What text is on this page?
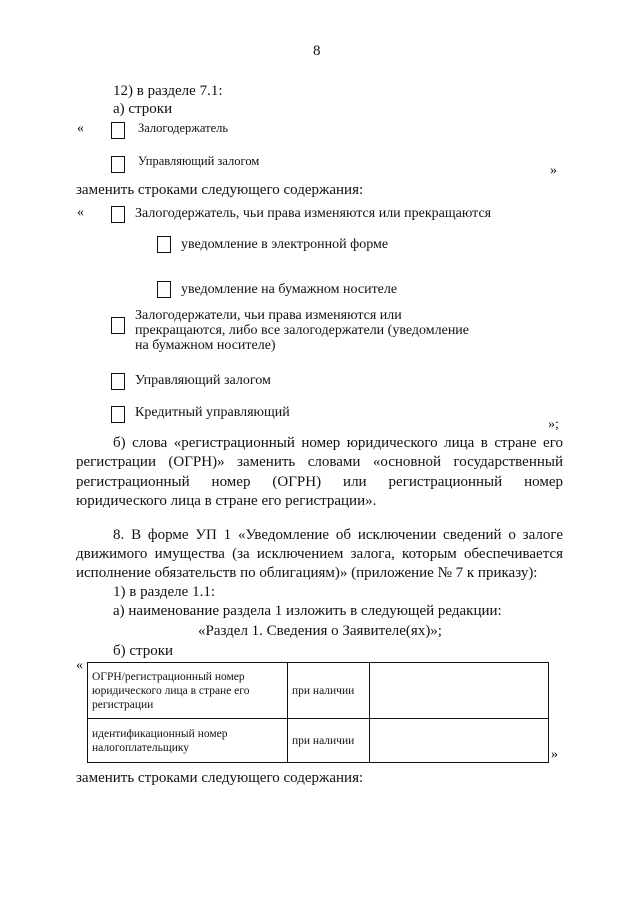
8
12) в разделе 7.1:
а) строки
«	Залогодержатель
Управляющий залогом
»
заменить строками следующего содержания:
«	Залогодержатель, чьи права изменяются или прекращаются
уведомление в электронной форме
уведомление на бумажном носителе
Залогодержатели, чьи права изменяются или
прекращаются, либо все залогодержатели (уведомление
на бумажном носителе)
Управляющий залогом
Кредитный управляющий
»;
б) слова «регистрационный номер юридического лица в стране его
регистрации (ОГРН)» заменить словами «основной государственный
регистрационный номер (ОГРН) или регистрационный номер
юридического лица в стране его регистрации».
8. В форме УП 1 «Уведомление об исключении сведений о залоге
движимого имущества (за исключением залога, которым обеспечивается
исполнение обязательств по облигациям)» (приложение № 7 к приказу):
1) в разделе 1.1:
а) наименование раздела 1 изложить в следующей редакции:
«Раздел 1. Сведения о Заявителе(ях)»;
б) строки
«
ОГРН/регистрационный номер юридического лица в стране его регистрации	при наличии	
идентификационный номер налогоплательщику	при наличии	
»
заменить строками следующего содержания:
